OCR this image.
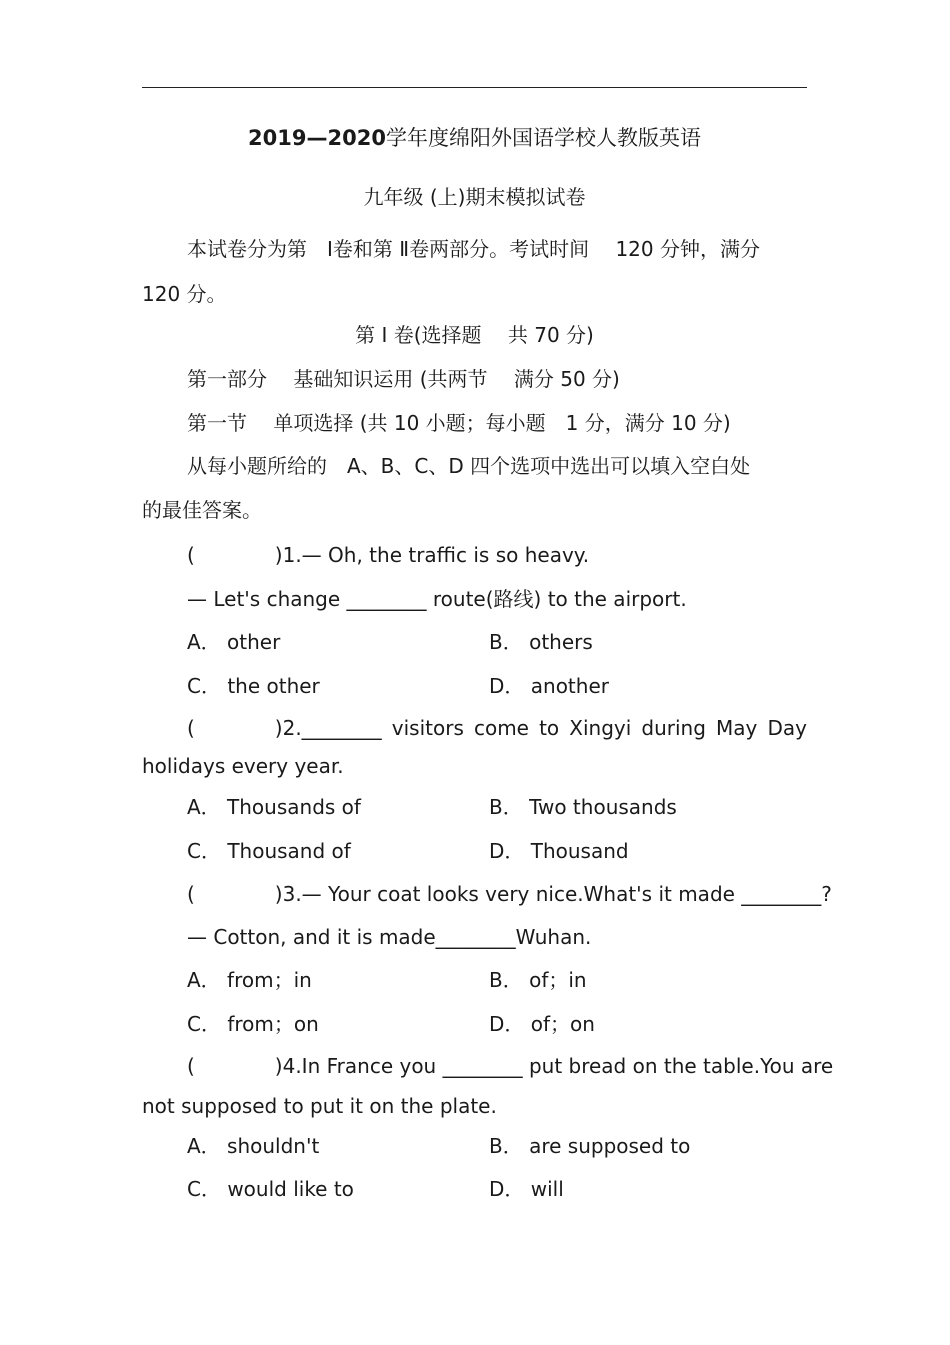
2019—2020学年度绵阳外国语学校人教版英语
九年级 (上)期末模拟试卷
本试卷分为第　Ⅰ卷和第 Ⅱ卷两部分。考试时间　 120 分钟，满分
120 分。
第 Ⅰ 卷(选择题　 共 70 分)
第一部分　 基础知识运用 (共两节　 满分 50 分)
第一节　 单项选择 (共 10 小题；每小题　1 分，满分 10 分)
从每小题所给的　A、B、C、D 四个选项中选出可以填入空白处
的最佳答案。
(　　　　)1.— Oh, the traffic is so heavy.
— Let's change ________ route(路线) to the airport.
A． other	B． others
C． the other	D． another
(　　　　)2.________ visitors come to Xingyi during May Day
holidays every year.
A． Thousands of	B． Two thousands
C． Thousand of	D． Thousand
(　　　　)3.— Your coat looks very nice.What's it made ________?
— Cotton, and it is made________Wuhan.
A． from；in	B． of；in
C． from；on	D． of；on
(　　　　)4.In France you ________ put bread on the table.You are
not supposed to put it on the plate.
A． shouldn't	B． are supposed to
C． would like to	D． will
